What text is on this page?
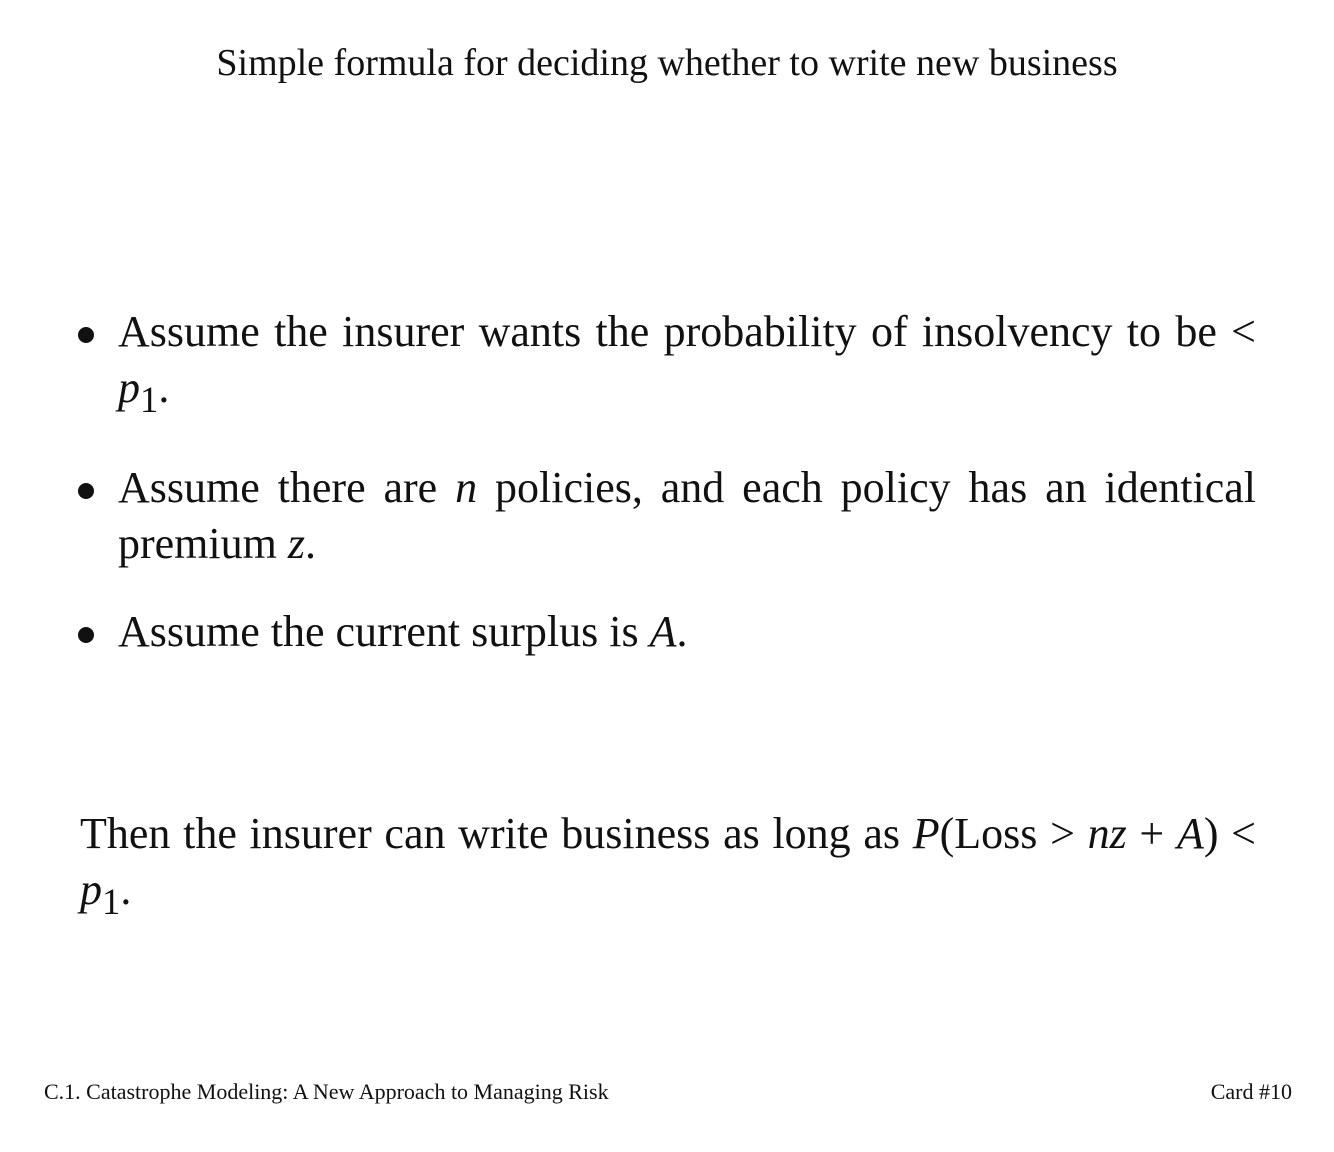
Simple formula for deciding whether to write new business
Assume the insurer wants the probability of insolvency to be < $p_1$.
Assume there are n policies, and each policy has an identical premium z.
Assume the current surplus is A.
Then the insurer can write business as long as P(Loss > nz + $A) < p_1$.
C.1. Catastrophe Modeling: A New Approach to Managing Risk	Card #10
